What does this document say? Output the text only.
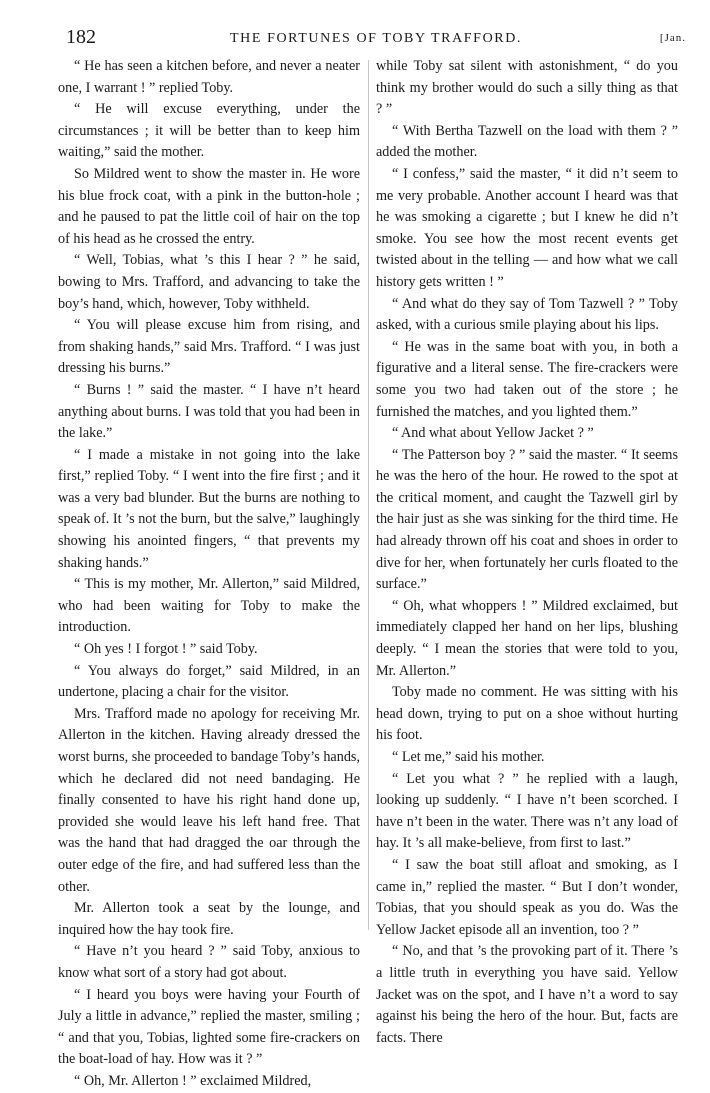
182	THE FORTUNES OF TOBY TRAFFORD.	[Jan.

“ He has seen a kitchen before, and never a neater one, I warrant ! ” replied Toby.

“ He will excuse everything, under the circumstances ; it will be better than to keep him waiting,” said the mother.

So Mildred went to show the master in. He wore his blue frock coat, with a pink in the button-hole ; and he paused to pat the little coil of hair on the top of his head as he crossed the entry.

“ Well, Tobias, what ’s this I hear ? ” he said, bowing to Mrs. Trafford, and advancing to take the boy’s hand, which, however, Toby withheld.

“ You will please excuse him from rising, and from shaking hands,” said Mrs. Trafford. “ I was just dressing his burns.”

“ Burns ! ” said the master. “ I have n’t heard anything about burns. I was told that you had been in the lake.”

“ I made a mistake in not going into the lake first,” replied Toby. “ I went into the fire first ; and it was a very bad blunder. But the burns are nothing to speak of. It ’s not the burn, but the salve,” laughingly showing his anointed fingers, “ that prevents my shaking hands.”

“ This is my mother, Mr. Allerton,” said Mildred, who had been waiting for Toby to make the introduction.

“ Oh yes ! I forgot ! ” said Toby.

“ You always do forget,” said Mildred, in an undertone, placing a chair for the visitor.

Mrs. Trafford made no apology for receiving Mr. Allerton in the kitchen. Having already dressed the worst burns, she proceeded to bandage Toby’s hands, which he declared did not need bandaging. He finally consented to have his right hand done up, provided she would leave his left hand free. That was the hand that had dragged the oar through the outer edge of the fire, and had suffered less than the other.

Mr. Allerton took a seat by the lounge, and inquired how the hay took fire.

“ Have n’t you heard ? ” said Toby, anxious to know what sort of a story had got about.

“ I heard you boys were having your Fourth of July a little in advance,” replied the master, smiling ; “ and that you, Tobias, lighted some fire-crackers on the boat-load of hay. How was it ? ”

“ Oh, Mr. Allerton ! ” exclaimed Mildred,

while Toby sat silent with astonishment, “ do you think my brother would do such a silly thing as that ? ”

“ With Bertha Tazwell on the load with them ? ” added the mother.

“ I confess,” said the master, “ it did n’t seem to me very probable. Another account I heard was that he was smoking a cigarette ; but I knew he did n’t smoke. You see how the most recent events get twisted about in the telling — and how what we call history gets written ! ”

“ And what do they say of Tom Tazwell ? ” Toby asked, with a curious smile playing about his lips.

“ He was in the same boat with you, in both a figurative and a literal sense. The fire-crackers were some you two had taken out of the store ; he furnished the matches, and you lighted them.”

“ And what about Yellow Jacket ? ”

“ The Patterson boy ? ” said the master. “ It seems he was the hero of the hour. He rowed to the spot at the critical moment, and caught the Tazwell girl by the hair just as she was sinking for the third time. He had already thrown off his coat and shoes in order to dive for her, when fortunately her curls floated to the surface.”

“ Oh, what whoppers ! ” Mildred exclaimed, but immediately clapped her hand on her lips, blushing deeply. “ I mean the stories that were told to you, Mr. Allerton.”

Toby made no comment. He was sitting with his head down, trying to put on a shoe without hurting his foot.

“ Let me,” said his mother.

“ Let you what ? ” he replied with a laugh, looking up suddenly. “ I have n’t been scorched. I have n’t been in the water. There was n’t any load of hay. It ’s all make-believe, from first to last.”

“ I saw the boat still afloat and smoking, as I came in,” replied the master. “ But I don’t wonder, Tobias, that you should speak as you do. Was the Yellow Jacket episode all an invention, too ? ”

“ No, and that ’s the provoking part of it. There ’s a little truth in everything you have said. Yellow Jacket was on the spot, and I have n’t a word to say against his being the hero of the hour. But, facts are facts. There
